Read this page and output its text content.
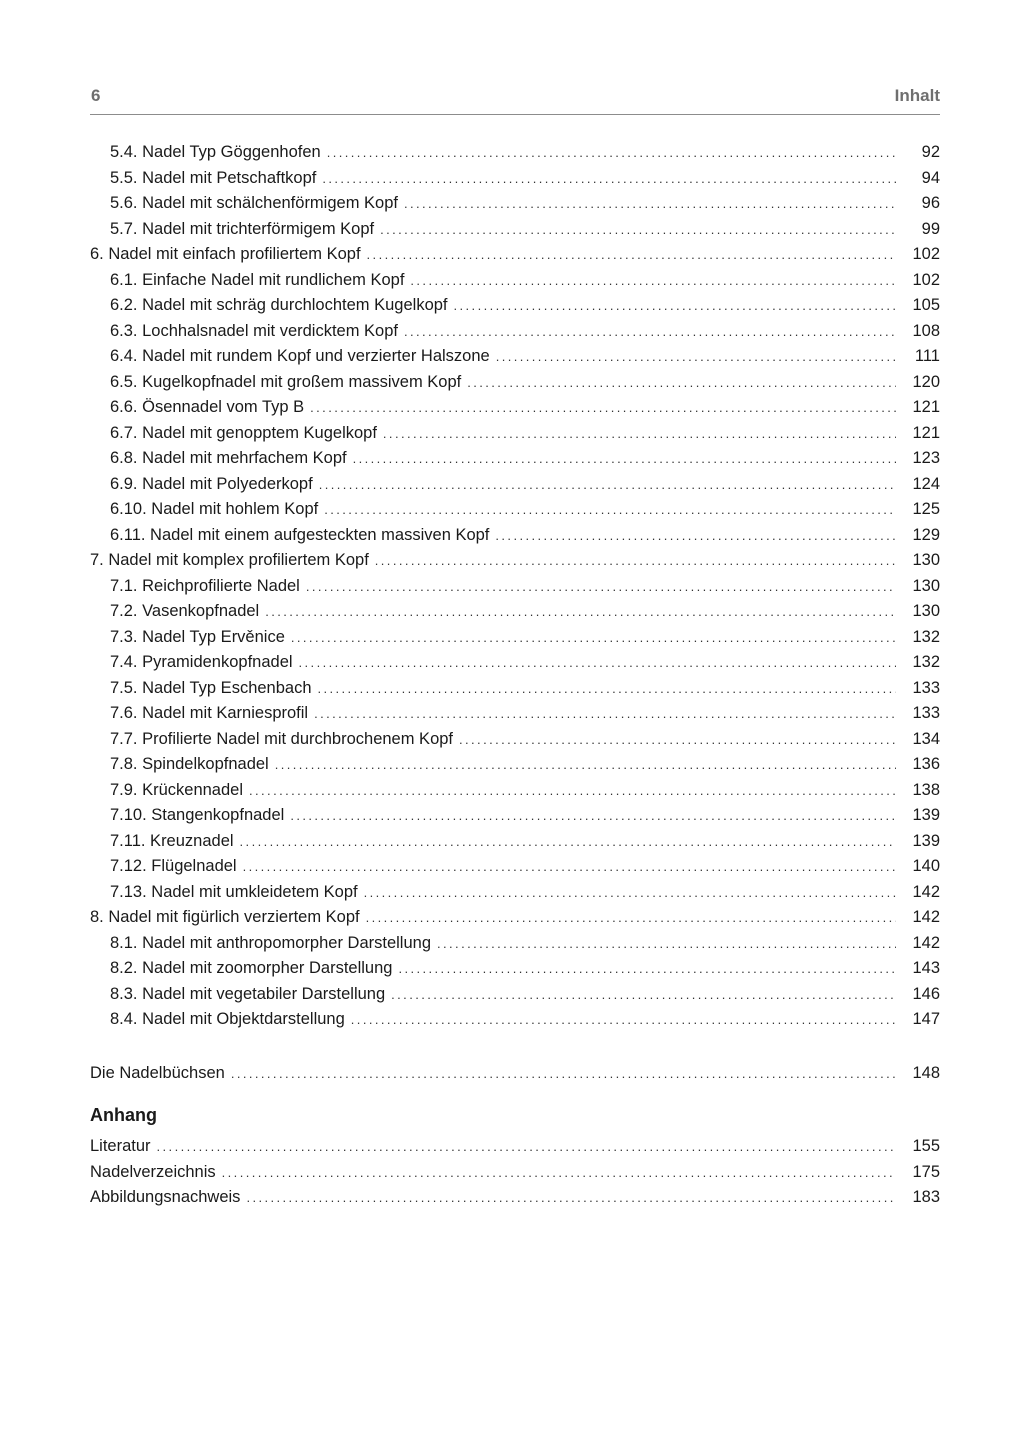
6	Inhalt
5.4. Nadel Typ Göggenhofen .....	92
5.5. Nadel mit Petschaftkopf .....	94
5.6. Nadel mit schälchenförmigem Kopf .....	96
5.7. Nadel mit trichterförmigem Kopf .....	99
6. Nadel mit einfach profiliertem Kopf .....	102
6.1. Einfache Nadel mit rundlichem Kopf .....	102
6.2. Nadel mit schräg durchlochtem Kugelkopf .....	105
6.3. Lochhalsnadel mit verdicktem Kopf .....	108
6.4. Nadel mit rundem Kopf und verzierter Halszone .....	111
6.5. Kugelkopfnadel mit großem massivem Kopf .....	120
6.6. Ösennadel vom Typ B .....	121
6.7. Nadel mit genopptem Kugelkopf .....	121
6.8. Nadel mit mehrfachem Kopf .....	123
6.9. Nadel mit Polyederkopf .....	124
6.10. Nadel mit hohlem Kopf .....	125
6.11. Nadel mit einem aufgesteckten massiven Kopf .....	129
7. Nadel mit komplex profiliertem Kopf .....	130
7.1. Reichprofilierte Nadel .....	130
7.2. Vasenkopfnadel .....	130
7.3. Nadel Typ Ervěnice .....	132
7.4. Pyramidenkopfnadel .....	132
7.5. Nadel Typ Eschenbach .....	133
7.6. Nadel mit Karniesprofil .....	133
7.7. Profilierte Nadel mit durchbrochenem Kopf .....	134
7.8. Spindelkopfnadel .....	136
7.9. Krückennadel .....	138
7.10. Stangenkopfnadel .....	139
7.11. Kreuznadel .....	139
7.12. Flügelnadel .....	140
7.13. Nadel mit umkleidetem Kopf .....	142
8. Nadel mit figürlich verziertem Kopf .....	142
8.1. Nadel mit anthropomorpher Darstellung .....	142
8.2. Nadel mit zoomorpher Darstellung .....	143
8.3. Nadel mit vegetabiler Darstellung .....	146
8.4. Nadel mit Objektdarstellung .....	147
Die Nadelbüchsen .....	148
Anhang
Literatur .....	155
Nadelverzeichnis .....	175
Abbildungsnachweis .....	183
